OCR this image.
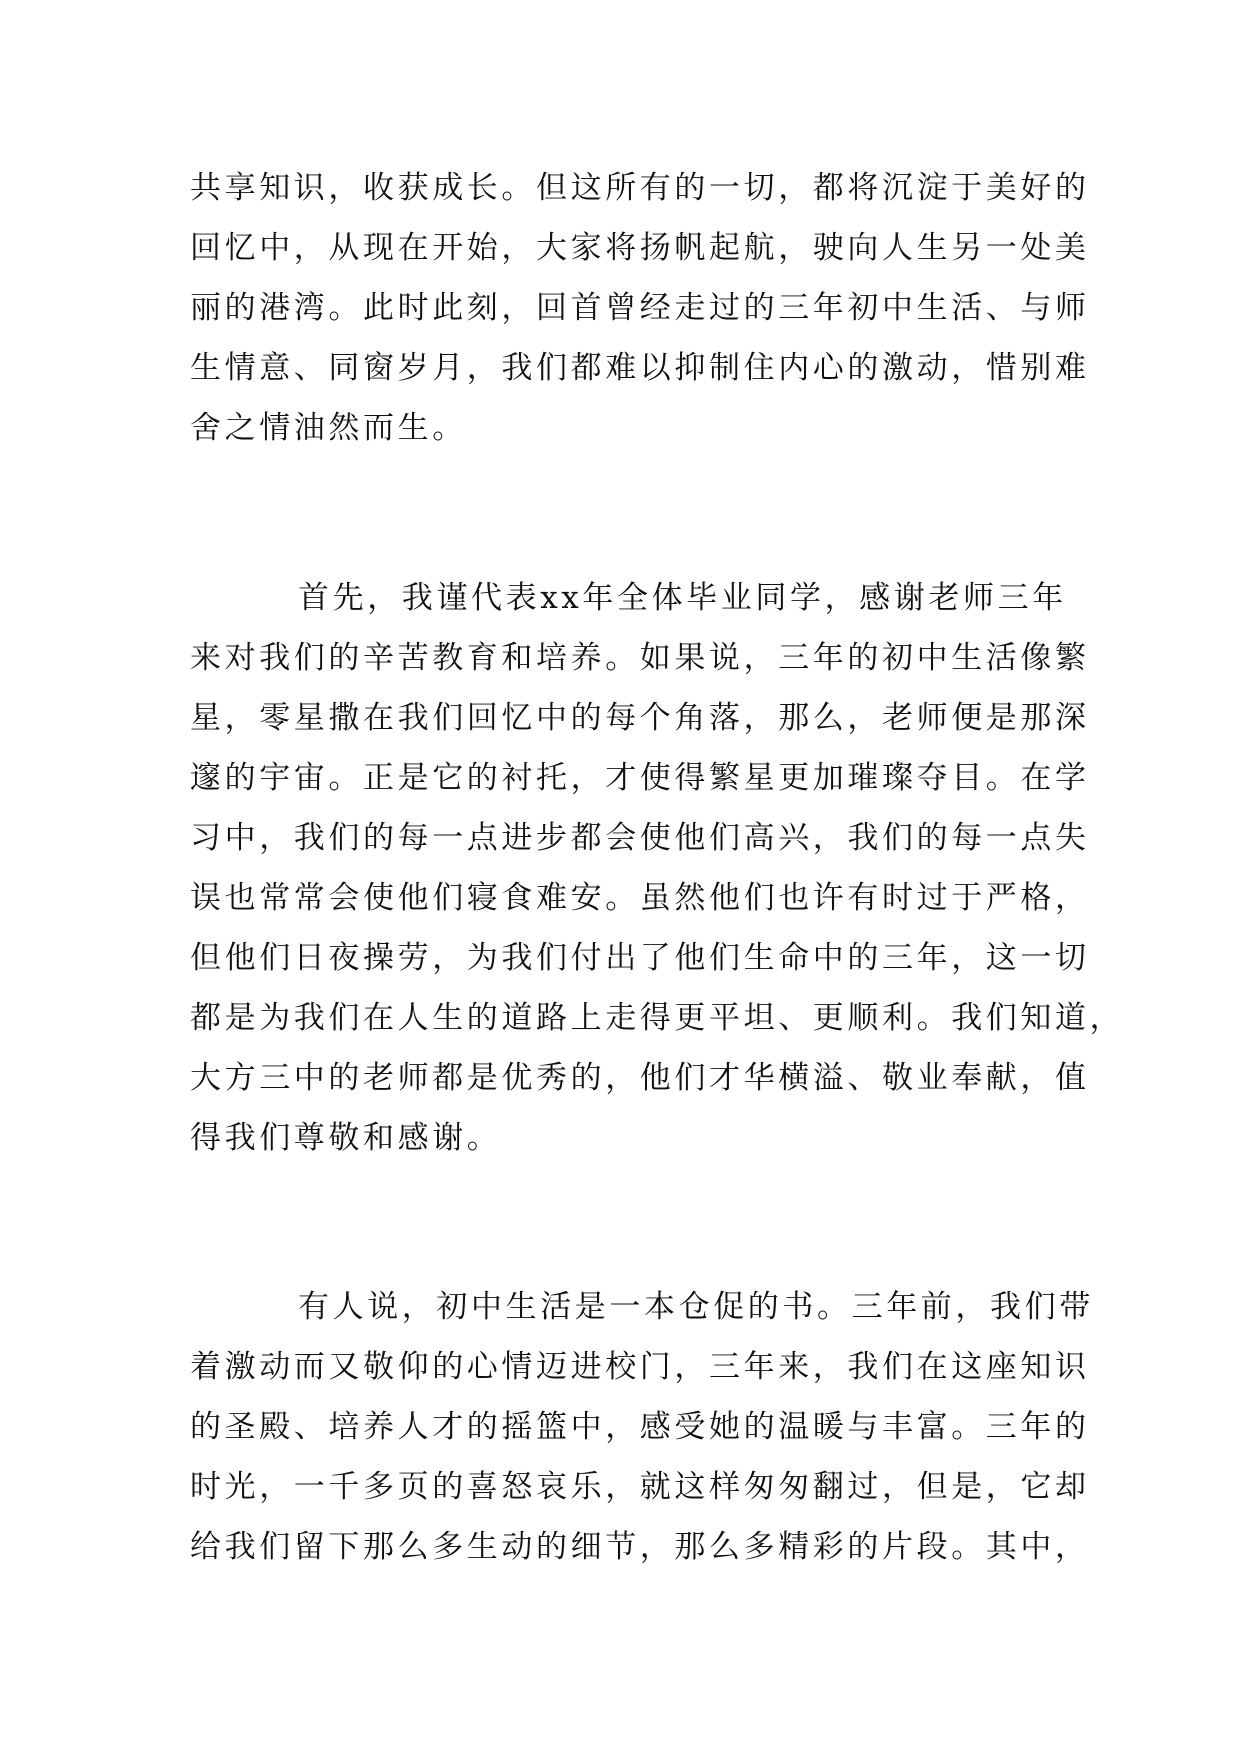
共享知识，收获成长。但这所有的一切，都将沉淀于美好的
回忆中，从现在开始，大家将扬帆起航，驶向人生另一处美
丽的港湾。此时此刻，回首曾经走过的三年初中生活、与师
生情意、同窗岁月，我们都难以抑制住内心的激动，惜别难
舍之情油然而生。
首先，我谨代表xx年全体毕业同学，感谢老师三年
来对我们的辛苦教育和培养。如果说，三年的初中生活像繁
星，零星撒在我们回忆中的每个角落，那么，老师便是那深
邃的宇宙。正是它的衬托，才使得繁星更加璀璨夺目。在学
习中，我们的每一点进步都会使他们高兴，我们的每一点失
误也常常会使他们寝食难安。虽然他们也许有时过于严格，
但他们日夜操劳，为我们付出了他们生命中的三年，这一切
都是为我们在人生的道路上走得更平坦、更顺利。我们知道，
大方三中的老师都是优秀的，他们才华横溢、敬业奉献，值
得我们尊敬和感谢。
有人说，初中生活是一本仓促的书。三年前，我们带
着激动而又敬仰的心情迈进校门，三年来，我们在这座知识
的圣殿、培养人才的摇篮中，感受她的温暖与丰富。三年的
时光，一千多页的喜怒哀乐，就这样匆匆翻过，但是，它却
给我们留下那么多生动的细节，那么多精彩的片段。其中，
